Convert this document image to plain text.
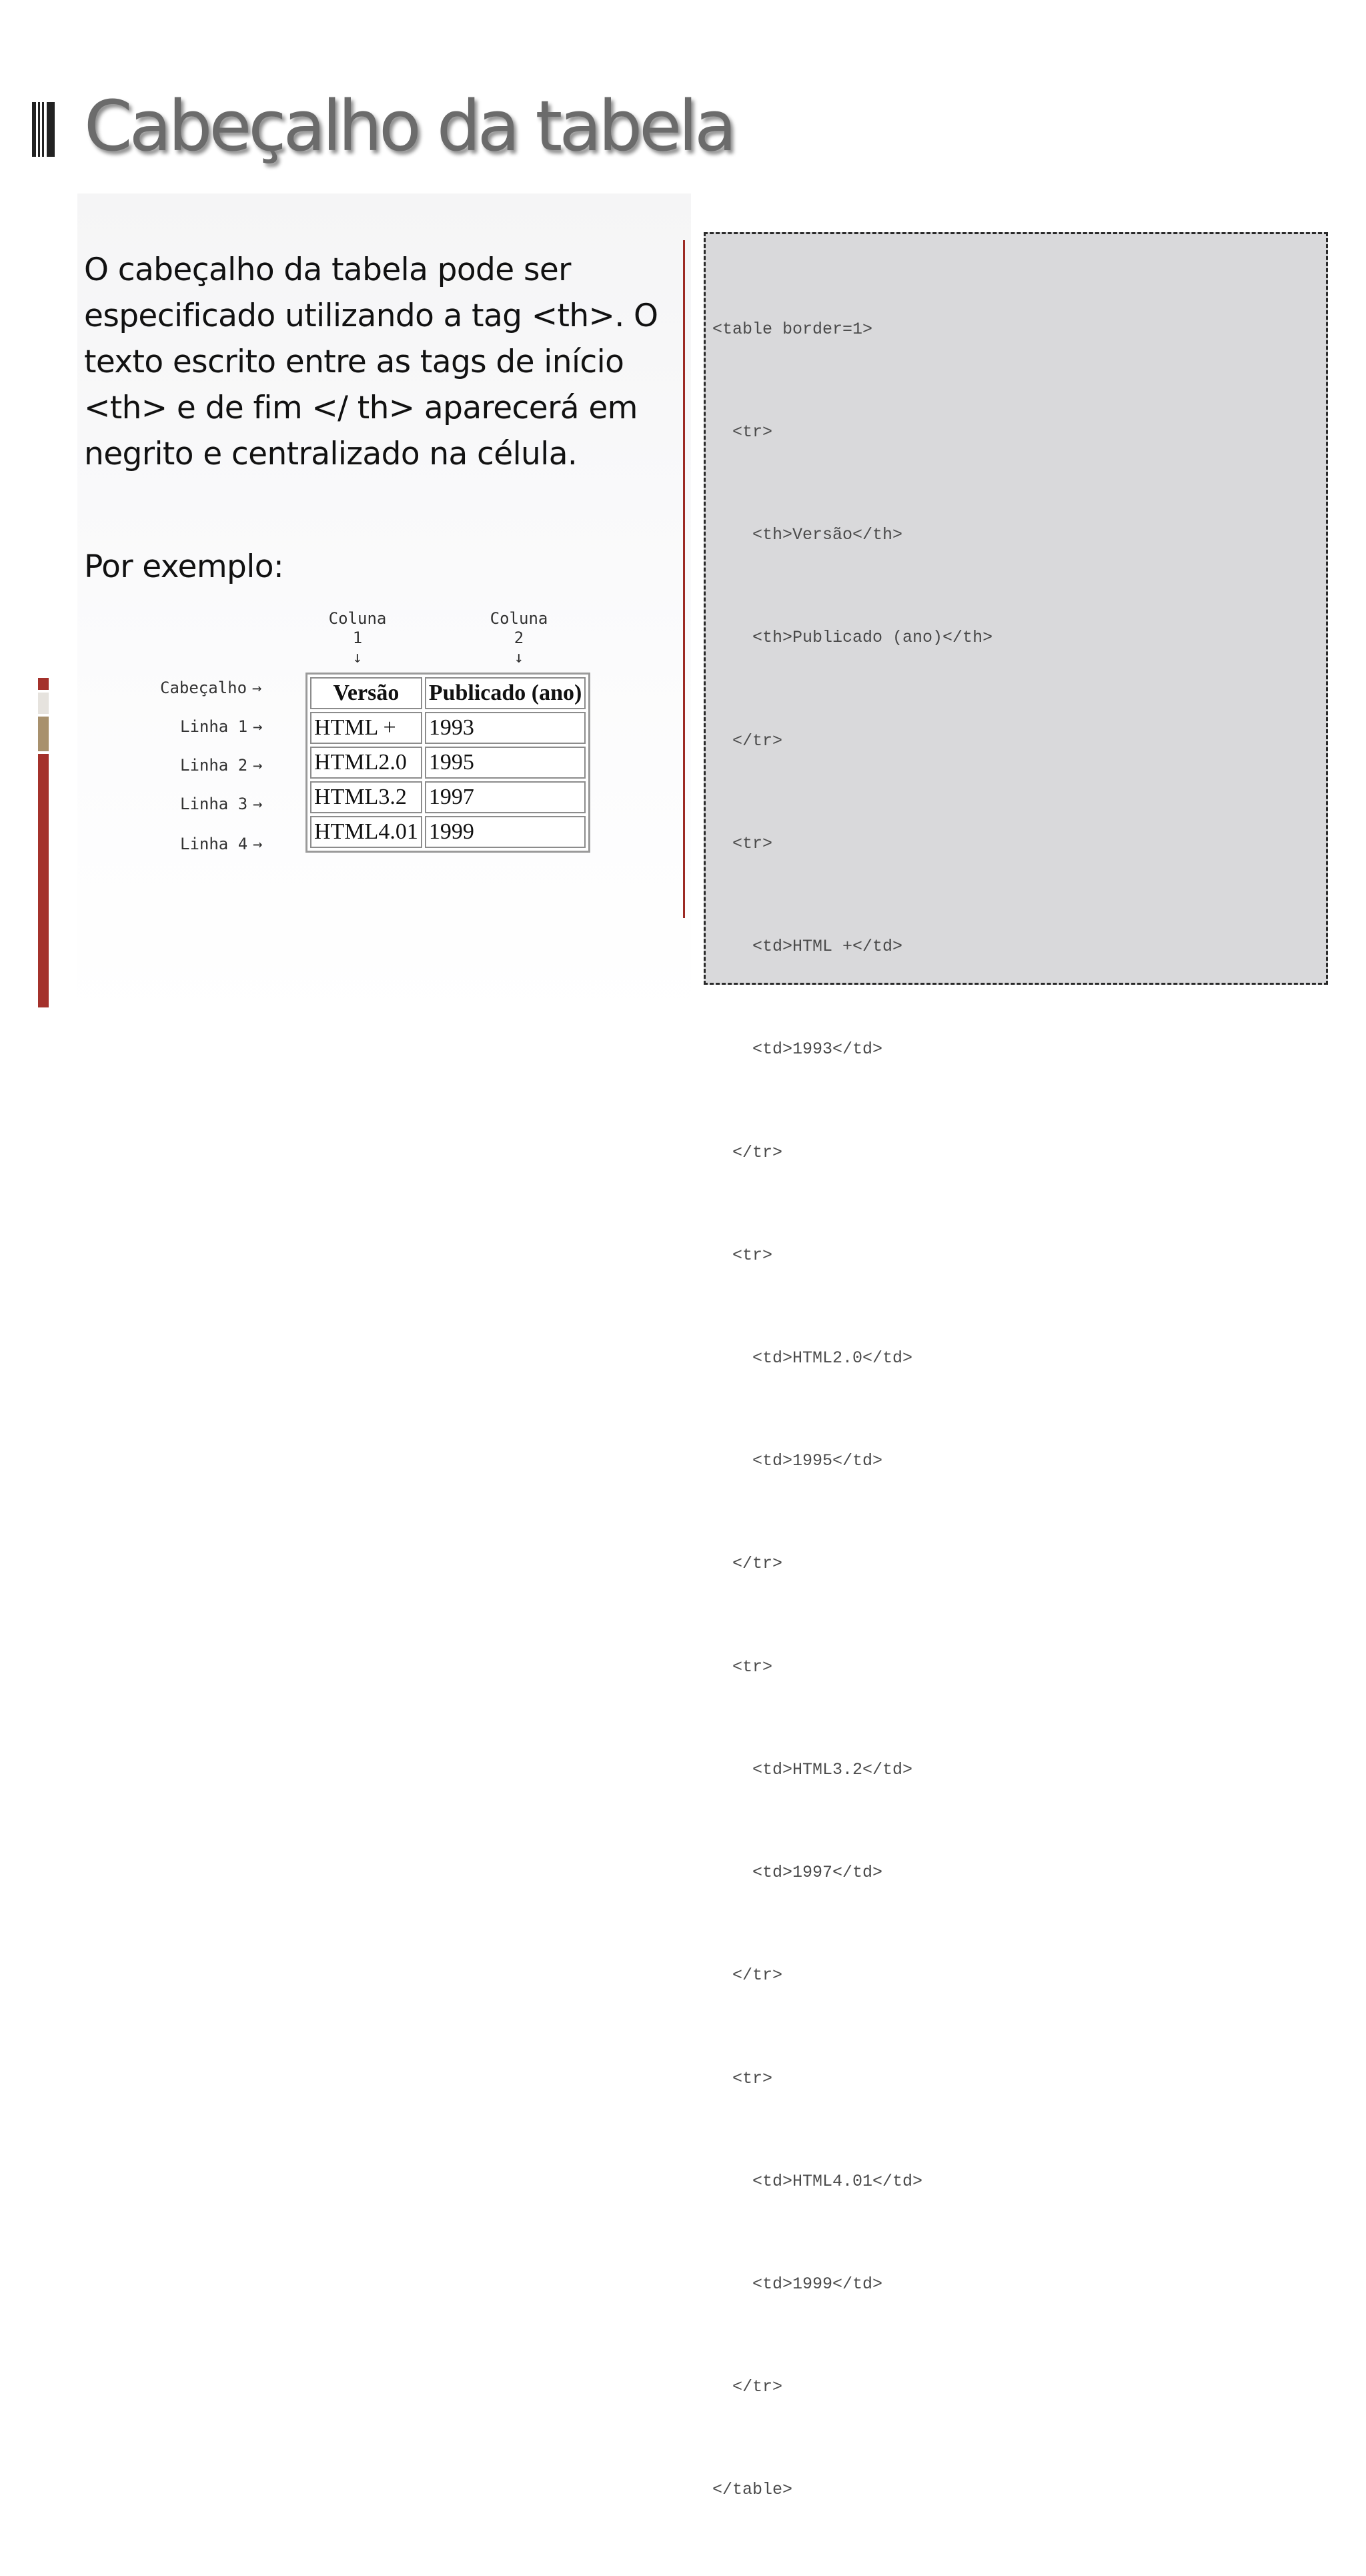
Cabeçalho da tabela

O cabeçalho da tabela pode ser especificado utilizando a tag <th>. O texto escrito entre as tags de início <th> e de fim </ th> aparecerá em negrito e centralizado na célula.

Por exemplo:

Coluna
1
↓
Coluna
2
↓
Cabeçalho →
Linha 1 →
Linha 2 →
Linha 3 →
Linha 4 →
Versão	Publicado (ano)
HTML +	1993
HTML2.0	1995
HTML3.2	1997
HTML4.01	1999

<table border=1>

<tr>

<th>Versão</th>

<th>Publicado (ano)</th>

</tr>

<tr>

<td>HTML +</td>

<td>1993</td>

</tr>

<tr>

<td>HTML2.0</td>

<td>1995</td>

</tr>

<tr>

<td>HTML3.2</td>

<td>1997</td>

</tr>

<tr>

<td>HTML4.01</td>

<td>1999</td>

</tr>

</table>
